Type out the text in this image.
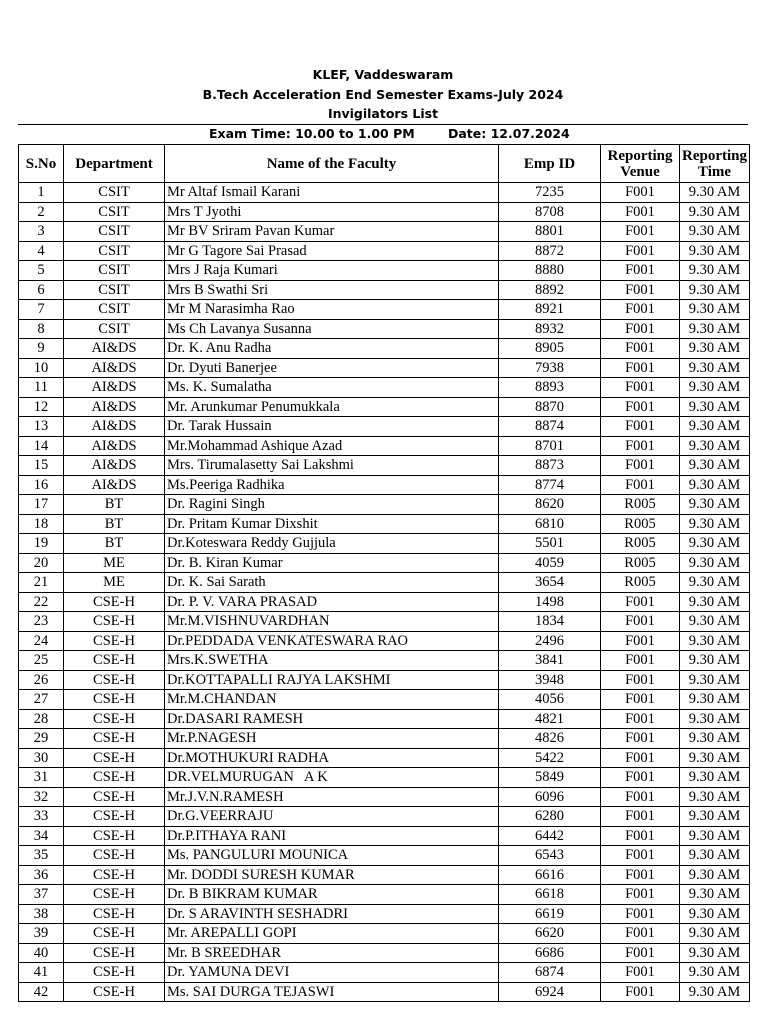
KLEF, Vaddeswaram
B.Tech Acceleration End Semester Exams-July 2024
Invigilators List
Exam Time: 10.00 to 1.00 PM	Date: 12.07.2024
S.No	Department	Name of the Faculty	Emp ID	Reporting Venue	Reporting Time
1	CSIT	Mr Altaf Ismail Karani	7235	F001	9.30 AM
2	CSIT	Mrs T Jyothi	8708	F001	9.30 AM
3	CSIT	Mr BV Sriram Pavan Kumar	8801	F001	9.30 AM
4	CSIT	Mr G Tagore Sai Prasad	8872	F001	9.30 AM
5	CSIT	Mrs J Raja Kumari	8880	F001	9.30 AM
6	CSIT	Mrs B Swathi Sri	8892	F001	9.30 AM
7	CSIT	Mr M Narasimha Rao	8921	F001	9.30 AM
8	CSIT	Ms Ch Lavanya Susanna	8932	F001	9.30 AM
9	AI&DS	Dr. K. Anu Radha	8905	F001	9.30 AM
10	AI&DS	Dr. Dyuti Banerjee	7938	F001	9.30 AM
11	AI&DS	Ms. K. Sumalatha	8893	F001	9.30 AM
12	AI&DS	Mr. Arunkumar Penumukkala	8870	F001	9.30 AM
13	AI&DS	Dr. Tarak Hussain	8874	F001	9.30 AM
14	AI&DS	Mr.Mohammad Ashique Azad	8701	F001	9.30 AM
15	AI&DS	Mrs. Tirumalasetty Sai Lakshmi	8873	F001	9.30 AM
16	AI&DS	Ms.Peeriga Radhika	8774	F001	9.30 AM
17	BT	Dr. Ragini Singh	8620	R005	9.30 AM
18	BT	Dr. Pritam Kumar Dixshit	6810	R005	9.30 AM
19	BT	Dr.Koteswara Reddy Gujjula	5501	R005	9.30 AM
20	ME	Dr. B. Kiran Kumar	4059	R005	9.30 AM
21	ME	Dr. K. Sai Sarath	3654	R005	9.30 AM
22	CSE-H	Dr. P. V. VARA PRASAD	1498	F001	9.30 AM
23	CSE-H	Mr.M.VISHNUVARDHAN	1834	F001	9.30 AM
24	CSE-H	Dr.PEDDADA VENKATESWARA RAO	2496	F001	9.30 AM
25	CSE-H	Mrs.K.SWETHA	3841	F001	9.30 AM
26	CSE-H	Dr.KOTTAPALLI RAJYA LAKSHMI	3948	F001	9.30 AM
27	CSE-H	Mr.M.CHANDAN	4056	F001	9.30 AM
28	CSE-H	Dr.DASARI RAMESH	4821	F001	9.30 AM
29	CSE-H	Mr.P.NAGESH	4826	F001	9.30 AM
30	CSE-H	Dr.MOTHUKURI RADHA	5422	F001	9.30 AM
31	CSE-H	DR.VELMURUGAN   A K	5849	F001	9.30 AM
32	CSE-H	Mr.J.V.N.RAMESH	6096	F001	9.30 AM
33	CSE-H	Dr.G.VEERRAJU	6280	F001	9.30 AM
34	CSE-H	Dr.P.ITHAYA RANI	6442	F001	9.30 AM
35	CSE-H	Ms. PANGULURI MOUNICA	6543	F001	9.30 AM
36	CSE-H	Mr. DODDI SURESH KUMAR	6616	F001	9.30 AM
37	CSE-H	Dr. B BIKRAM KUMAR	6618	F001	9.30 AM
38	CSE-H	Dr. S ARAVINTH SESHADRI	6619	F001	9.30 AM
39	CSE-H	Mr. AREPALLI GOPI	6620	F001	9.30 AM
40	CSE-H	Mr. B SREEDHAR	6686	F001	9.30 AM
41	CSE-H	Dr. YAMUNA DEVI	6874	F001	9.30 AM
42	CSE-H	Ms. SAI DURGA TEJASWI	6924	F001	9.30 AM
